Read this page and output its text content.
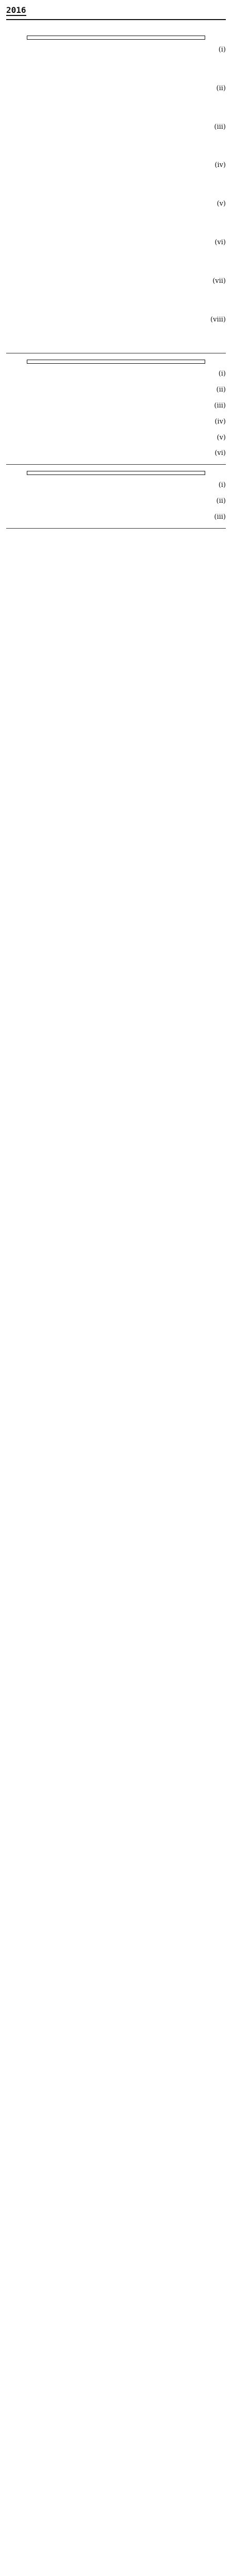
2016
(i)
(ii)
(iii)
(iv)
(v)
(vi)
(vii)
(viii)
(i)
(ii)
(iii)
(iv)
(v)
(vi)
(i)
(ii)
(iii)
